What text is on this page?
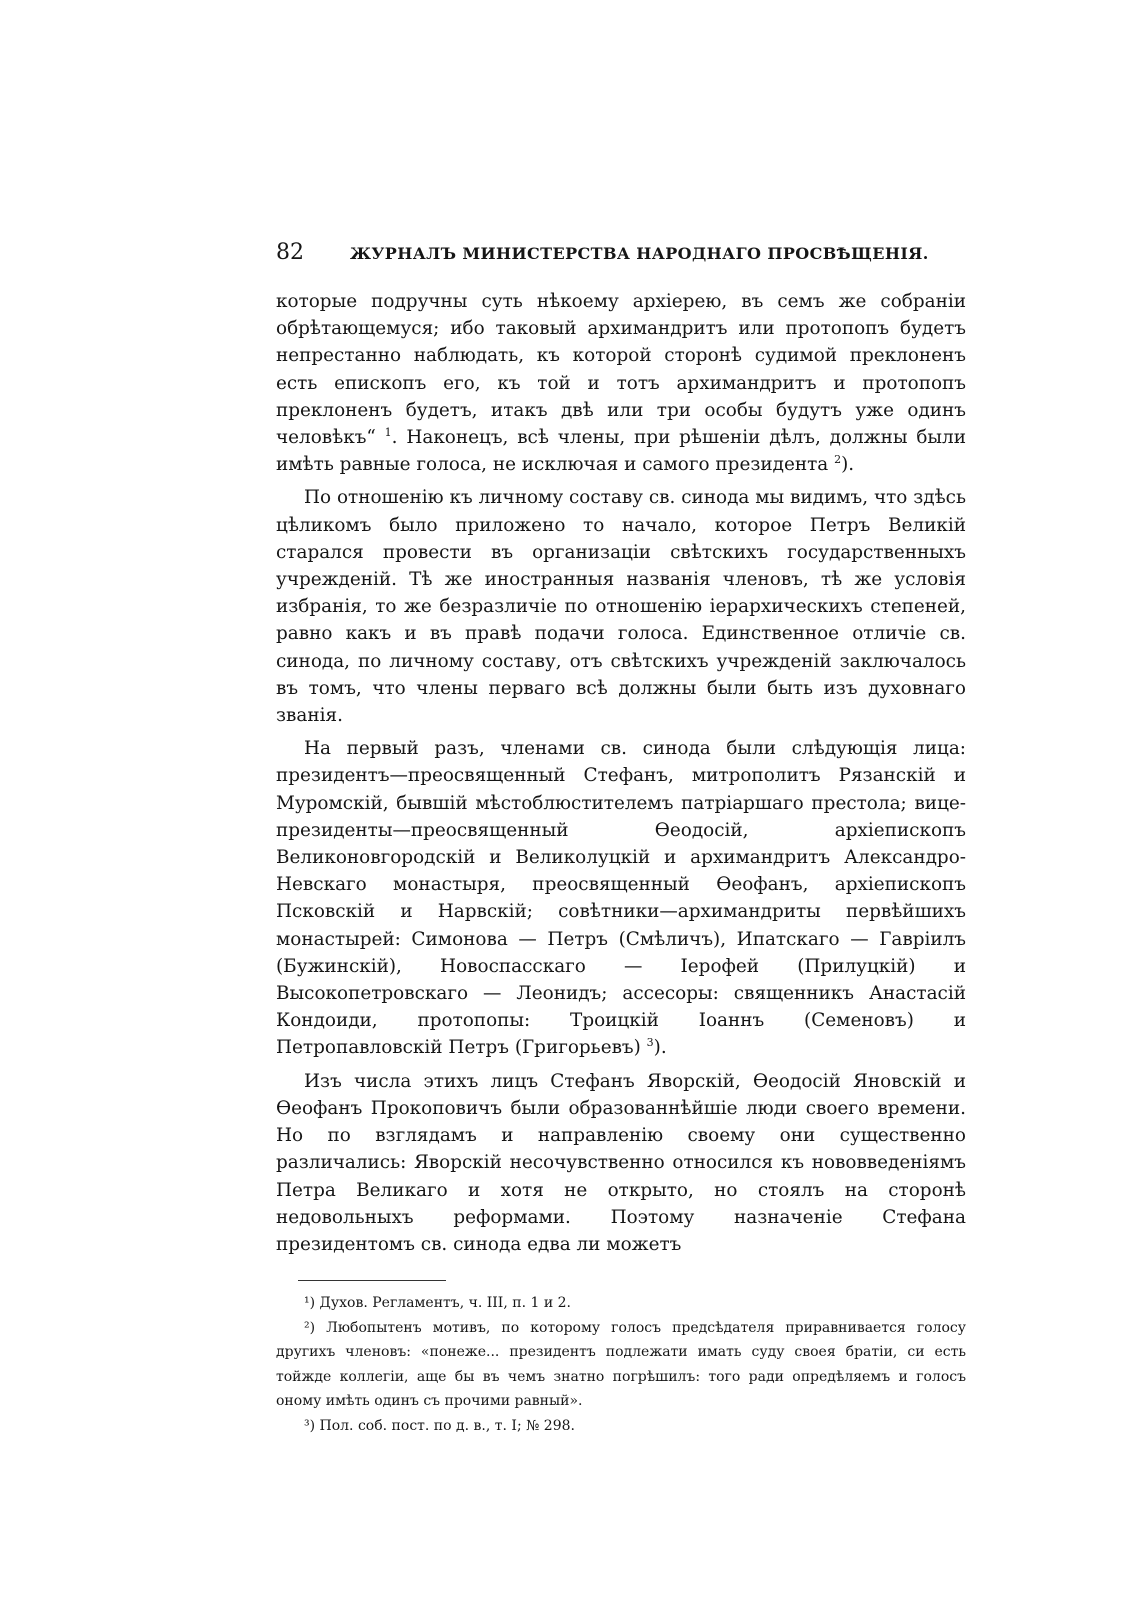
82	ЖУРНАЛЪ МИНИСТЕРСТВА НАРОДНАГО ПРОСВѢЩЕНІЯ.

которые подручны суть нѣкоему архіерею, въ семъ же собраніи обрѣтающемуся; ибо таковый архимандритъ или протопопъ будетъ непрестанно наблюдать, къ которой сторонѣ судимой преклоненъ есть епископъ его, къ той и тотъ архимандритъ и протопопъ преклоненъ будетъ, итакъ двѣ или три особы будутъ уже одинъ человѣкъ“ $^1$. Наконецъ, всѣ члены, при рѣшеніи дѣлъ, должны были имѣть равные голоса, не исключая и самого президента $^2$).

По отношенію къ личному составу св. синода мы видимъ, что здѣсь цѣликомъ было приложено то начало, которое Петръ Великій старался провести въ организаціи свѣтскихъ государственныхъ учрежденій. Тѣ же иностранныя названія членовъ, тѣ же условія избранія, то же безразличіе по отношенію іерархическихъ степеней, равно какъ и въ правѣ подачи голоса. Единственное отличіе св. синода, по личному составу, отъ свѣтскихъ учрежденій заключалось въ томъ, что члены перваго всѣ должны были быть изъ духовнаго званія.

На первый разъ, членами св. синода были слѣдующія лица: президентъ—преосвященный Стефанъ, митрополитъ Рязанскій и Муромскій, бывшій мѣстоблюстителемъ патріаршаго престола; вице-президенты—преосвященный Ѳеодосій, архіепископъ Великоновгородскій и Великолуцкій и архимандритъ Александро-Невскаго монастыря, преосвященный Ѳеофанъ, архіепископъ Псковскій и Нарвскій; совѣтники—архимандриты первѣйшихъ монастырей: Симонова — Петръ (Смѣличъ), Ипатскаго — Гавріилъ (Бужинскій), Новоспасскаго — Іерофей (Прилуцкій) и Высокопетровскаго — Леонидъ; ассесоры: священникъ Анастасій Кондоиди, протопопы: Троицкій Іоаннъ (Семеновъ) и Петропавловскій Петръ (Григорьевъ) $^3$).

Изъ числа этихъ лицъ Стефанъ Яворскій, Ѳеодосій Яновскій и Ѳеофанъ Прокоповичъ были образованнѣйшіе люди своего времени. Но по взглядамъ и направленію своему они существенно различались: Яворскій несочувственно относился къ нововведеніямъ Петра Великаго и хотя не открыто, но стоялъ на сторонѣ недовольныхъ реформами. Поэтому назначеніе Стефана президентомъ св. синода едва ли можетъ

¹) Духов. Регламентъ, ч. III, п. 1 и 2.

²) Любопытенъ мотивъ, по которому голосъ предсѣдателя приравнивается голосу другихъ членовъ: «понеже... президентъ подлежати имать суду своея братіи, си есть тойжде коллегіи, аще бы въ чемъ знатно погрѣшилъ: того ради опредѣляемъ и голосъ оному имѣть одинъ съ прочими равный».

³) Пол. соб. пост. по д. в., т. I; № 298.
